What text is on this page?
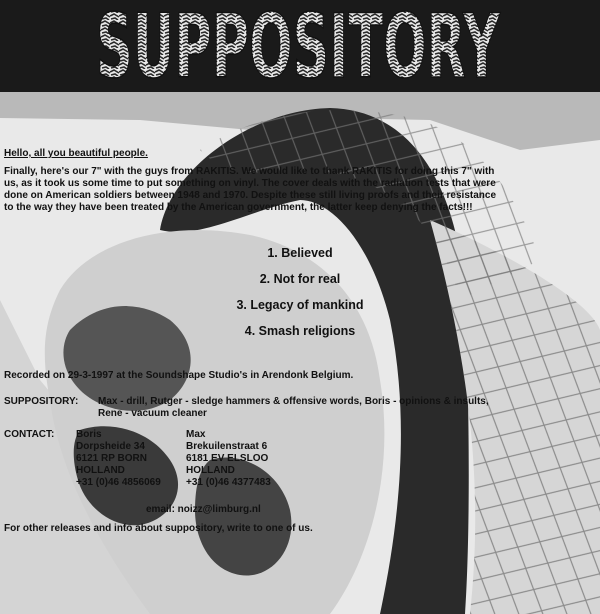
SUPPOSITORY
Hello, all you beautiful people.
Finally, here's our 7" with the guys from RAKITIS. We would like to thank RAKITIS for doing this 7" with
us, as it took us some time to put something on vinyl. The cover deals with the radiation tests that were
done on American soldiers between 1948 and 1970. Despite these still living proofs and their resistance
to the way they have been treated by the American government, the latter keep denying the facts!!!

1. Believed

2. Not for real

3. Legacy of mankind

4. Smash religions

Recorded on 29-3-1997 at the Soundshape Studio's in Arendonk Belgium.
SUPPOSITORY: Max - drill, Rutger - sledge hammers & offensive words, Boris - opinions & insults,
Rene - vacuum cleaner
CONTACT: Boris
Dorpsheide 34
6121 RP BORN
HOLLAND
+31 (0)46 4856069
Max
Brekuilenstraat 6
6181 EV ELSLOO
HOLLAND
+31 (0)46 4377483
email: noizz@limburg.nl
For other releases and info about suppository, write to one of us.
